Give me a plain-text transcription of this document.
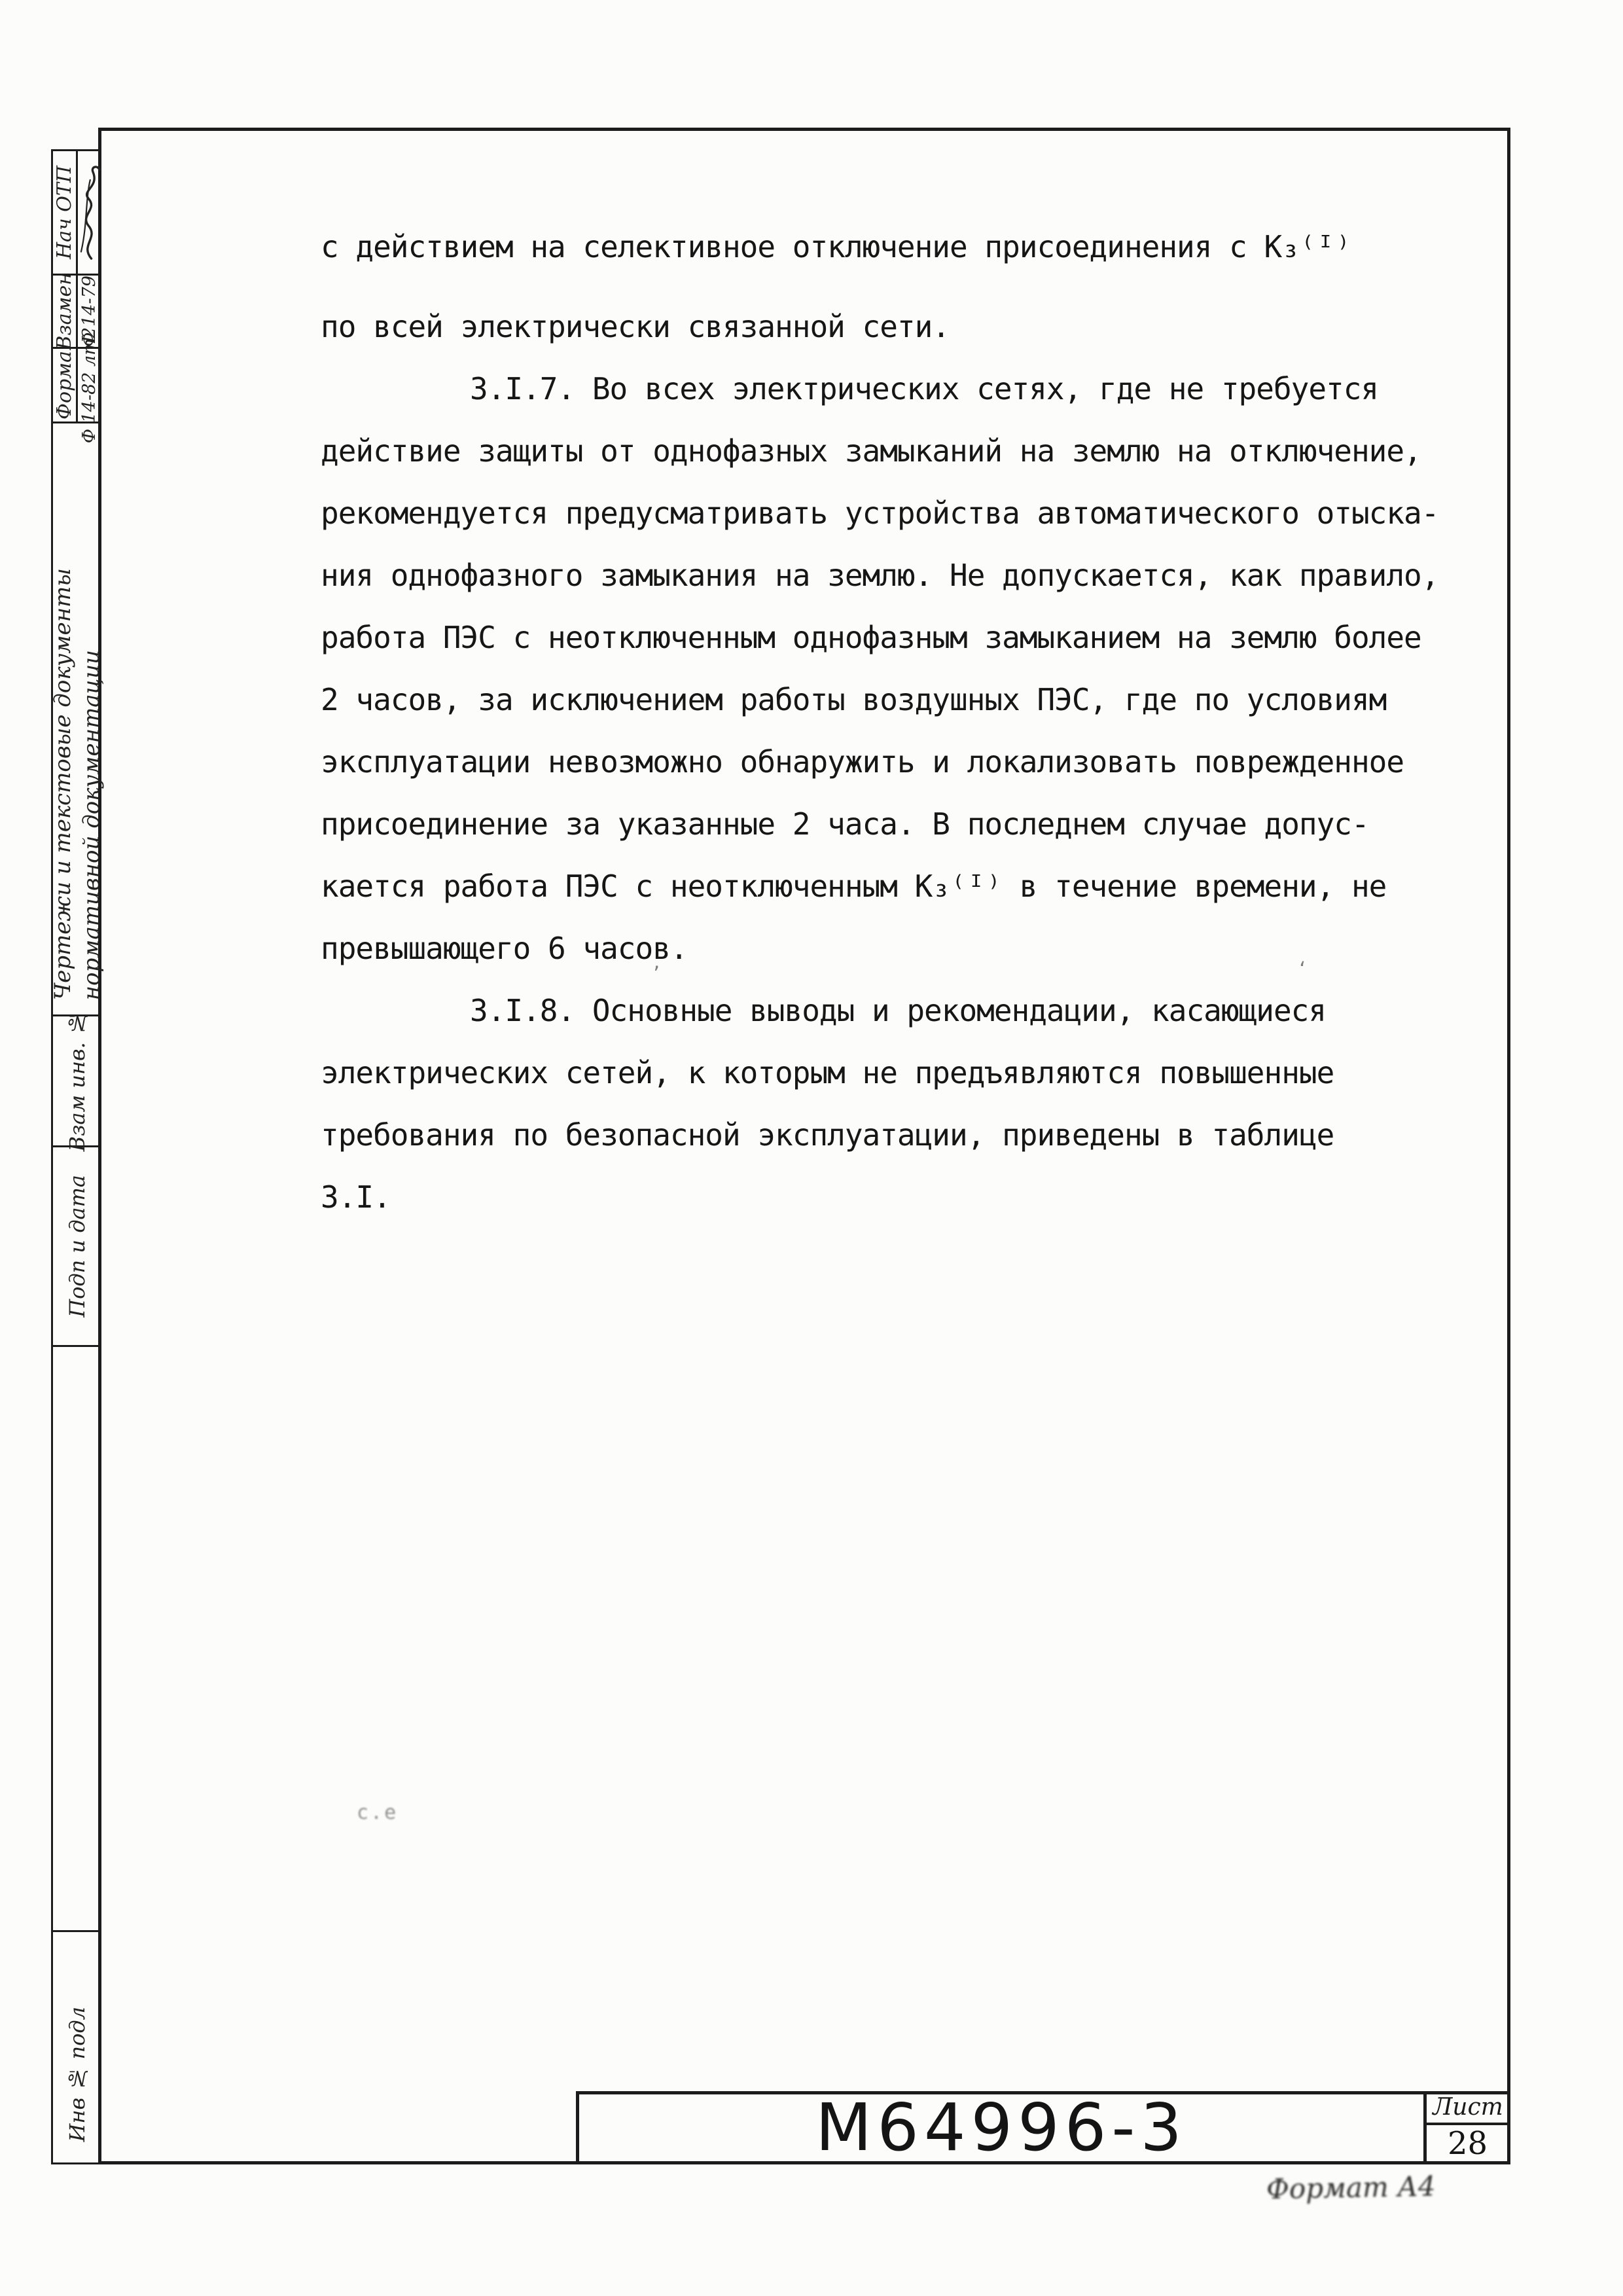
Нач ОТП
Взамен Ф 14-79
Форма Ф 14-82 лт2
Чертежи и текстовые документы нормативной документации
Взам инв. №
Подп и дата
Инв № подл
с действием на селективное отключение присоединения с К₃⁽ᴵ⁾
по всей электрически связанной сети.
3.I.7. Во всех электрических сетях, где не требуется
действие защиты от однофазных замыканий на землю на отключение,
рекомендуется предусматривать устройства автоматического отыска-
ния однофазного замыкания на землю. Не допускается, как правило,
работа ПЭС с неотключенным однофазным замыканием на землю более
2 часов, за исключением работы воздушных ПЭС, где по условиям
эксплуатации невозможно обнаружить и локализовать поврежденное
присоединение за указанные 2 часа. В последнем случае допус-
кается работа ПЭС с неотключенным К₃⁽ᴵ⁾ в течение времени, не
превышающего 6 часов.
3.I.8. Основные выводы и рекомендации, касающиеся
электрических сетей, к которым не предъявляются повышенные
требования по безопасной эксплуатации, приведены в таблице
3.I.
М64996-3	Лист
28
Формат А4
’	‘
с.е
